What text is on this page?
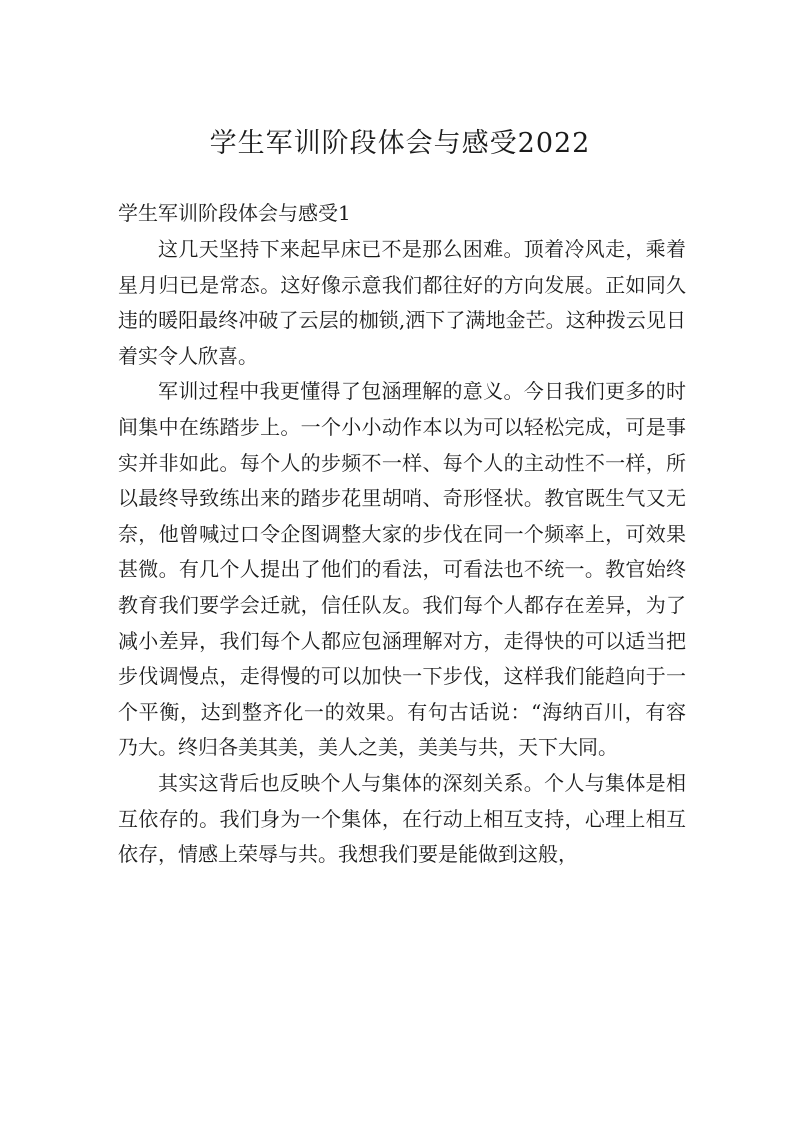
学生军训阶段体会与感受2022
学生军训阶段体会与感受1

这几天坚持下来起早床已不是那么困难。顶着冷风走，乘着星月归已是常态。这好像示意我们都往好的方向发展。正如同久违的暖阳最终冲破了云层的枷锁,洒下了满地金芒。这种拨云见日着实令人欣喜。

军训过程中我更懂得了包涵理解的意义。今日我们更多的时间集中在练踏步上。一个小小动作本以为可以轻松完成，可是事实并非如此。每个人的步频不一样、每个人的主动性不一样，所以最终导致练出来的踏步花里胡哨、奇形怪状。教官既生气又无奈，他曾喊过口令企图调整大家的步伐在同一个频率上，可效果甚微。有几个人提出了他们的看法，可看法也不统一。教官始终教育我们要学会迁就，信任队友。我们每个人都存在差异，为了减小差异，我们每个人都应包涵理解对方，走得快的可以适当把步伐调慢点，走得慢的可以加快一下步伐，这样我们能趋向于一个平衡，达到整齐化一的效果。有句古话说：“海纳百川，有容乃大。终归各美其美，美人之美，美美与共，天下大同。

其实这背后也反映个人与集体的深刻关系。个人与集体是相互依存的。我们身为一个集体，在行动上相互支持，心理上相互依存，情感上荣辱与共。我想我们要是能做到这般，
